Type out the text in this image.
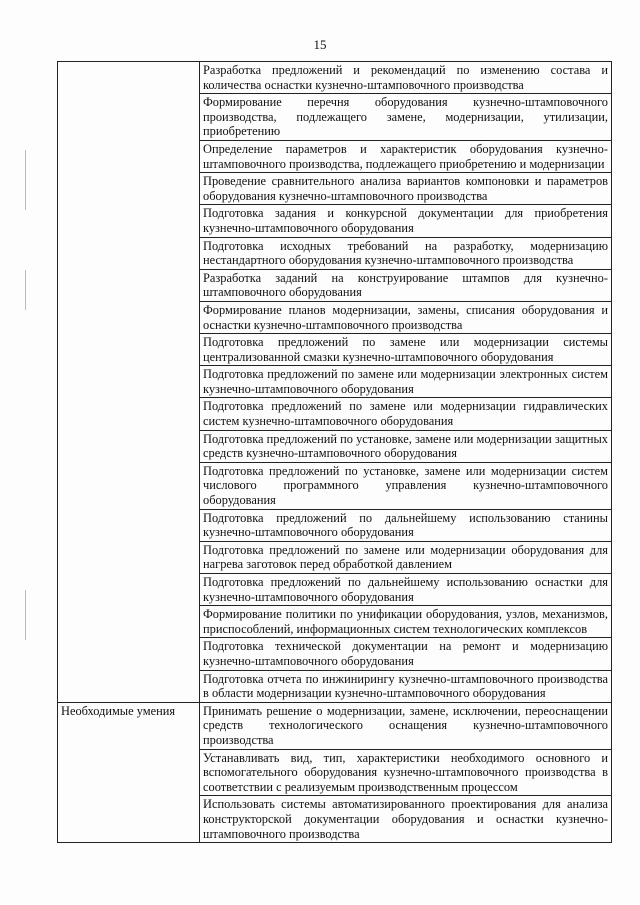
15
	Разработка предложений и рекомендаций по изменению состава и количества оснастки кузнечно-штамповочного производства
	Формирование перечня оборудования кузнечно-штамповочного производства, подлежащего замене, модернизации, утилизации, приобретению
	Определение параметров и характеристик оборудования кузнечно-штамповочного производства, подлежащего приобретению и модернизации
	Проведение сравнительного анализа вариантов компоновки и параметров оборудования кузнечно-штамповочного производства
	Подготовка задания и конкурсной документации для приобретения кузнечно-штамповочного оборудования
	Подготовка исходных требований на разработку, модернизацию нестандартного оборудования кузнечно-штамповочного производства
	Разработка заданий на конструирование штампов для кузнечно-штамповочного оборудования
	Формирование планов модернизации, замены, списания оборудования и оснастки кузнечно-штамповочного производства
	Подготовка предложений по замене или модернизации системы централизованной смазки кузнечно-штамповочного оборудования
	Подготовка предложений по замене или модернизации электронных систем кузнечно-штамповочного оборудования
	Подготовка предложений по замене или модернизации гидравлических систем кузнечно-штамповочного оборудования
	Подготовка предложений по установке, замене или модернизации защитных средств кузнечно-штамповочного оборудования
	Подготовка предложений по установке, замене или модернизации систем числового программного управления кузнечно-штамповочного оборудования
	Подготовка предложений по дальнейшему использованию станины кузнечно-штамповочного оборудования
	Подготовка предложений по замене или модернизации оборудования для нагрева заготовок перед обработкой давлением
	Подготовка предложений по дальнейшему использованию оснастки для кузнечно-штамповочного оборудования
	Формирование политики по унификации оборудования, узлов, механизмов, приспособлений, информационных систем технологических комплексов
	Подготовка технической документации на ремонт и модернизацию кузнечно-штамповочного оборудования
	Подготовка отчета по инжинирингу кузнечно-штамповочного производства в области модернизации кузнечно-штамповочного оборудования
Необходимые умения	Принимать решение о модернизации, замене, исключении, переоснащении средств технологического оснащения кузнечно-штамповочного производства
	Устанавливать вид, тип, характеристики необходимого основного и вспомогательного оборудования кузнечно-штамповочного производства в соответствии с реализуемым производственным процессом
	Использовать системы автоматизированного проектирования для анализа конструкторской документации оборудования и оснастки кузнечно-штамповочного производства
